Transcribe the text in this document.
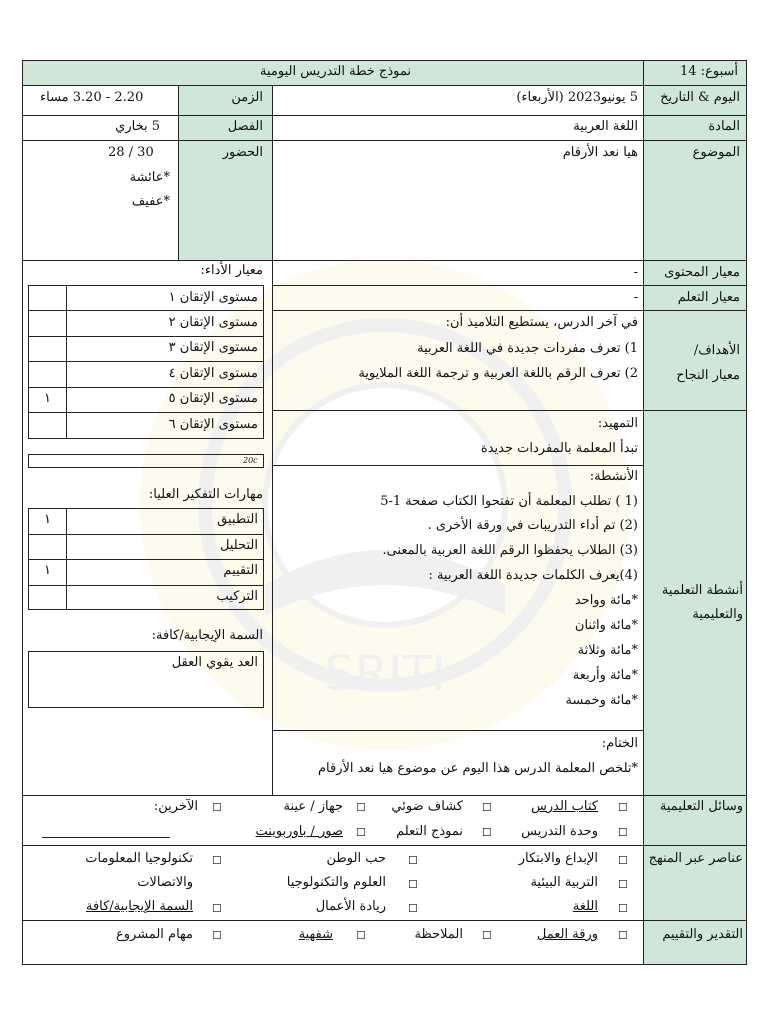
SRITI
أسبوع: 14
نموذج خطة التدريس اليومية
اليوم & التاريخ
5 يونيو2023 (الأربعاء)
الزمن
2.20 - 3.20 مساء
المادة
اللغة العربية
الفصل
5 بخاري
الموضوع
هيا نعد الأرقام
الحضور
28 / 30
*عائشة
*عفيف
معيار المحتوى
-
معيار التعلم
-
معيار الأداء:
مستوى الإتقان ١
مستوى الإتقان ٢
مستوى الإتقان ٣
مستوى الإتقان ٤
مستوى الإتقان ٥
مستوى الإتقان ٦
١
20c
الأهداف/
معيار النجاح
في آخر الدرس، يستطيع التلاميذ أن:
1) تعرف مفردات جديدة في اللغة العربية
2) تعرف الرقم باللغة العربية و ترجمة اللغة الملايوية
أنشطة التعلمية
والتعليمية
التمهيد:
تبدأ المعلمة بالمفردات جديدة
الأنشطة:
(1 ) تطلب المعلمة أن تفتحوا الكتاب صفحة 1-5
(2) تم أداء التدريبات في ورقة الأخرى .
(3) الطلاب يحفظوا الرقم اللغة العربية بالمعنى.
(4)يعرف الكلمات جديدة اللغة العربية :
*مائة وواحد
*مائة واثنان
*مائة وثلاثة
*مائة وأربعة
*مائة وخمسة
الختام:
*تلخص المعلمة الدرس هذا اليوم عن موضوع هيا نعد الأرقام
مهارات التفكير العليا:
التطبيق
التحليل
التقييم
التركيب
١
١
السمة الإيجابية/كافة:
العد يقوي العقل
وسائل التعليمية
☐
كتاب الدرس
☐
كشاف ضوئي
☐
جهاز / عينة
☐
الآخرين:
☐
وحدة التدريس
☐
نموذج التعلم
☐
صور / باوربوينت
عناصر عبر المنهج
☐
الإبداع والابتكار
☐
حب الوطن
☐
تكنولوجيا المعلومات
والاتصالات	☐
التربية البيئية
☐
العلوم والتكنولوجيا
☐
اللغة
☐
ريادة الأعمال
☐
السمة الإيجابية/كافة
التقدير والتقييم
☐
ورقة العمل
☐
الملاحظة
☐
شفهية
☐
مهام المشروع
